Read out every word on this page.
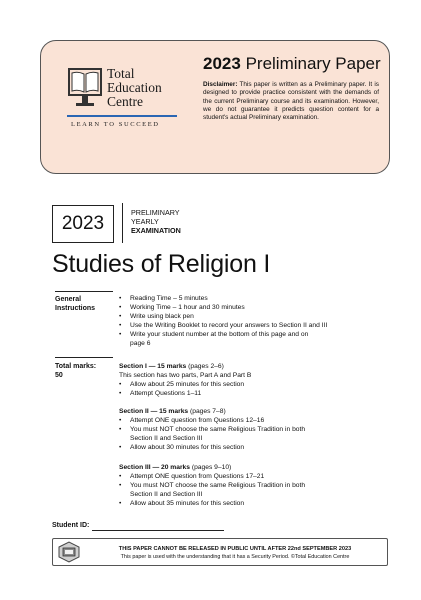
Total
Education
Centre
LEARN TO SUCCEED
2023 Preliminary Paper
Disclaimer: This paper is written as a Preliminary paper. It is designed to provide practice consistent with the demands of the current Preliminary course and its examination. However, we do not guarantee it predicts question content for a student's actual Preliminary examination.
2023
PRELIMINARY
YEARLY
EXAMINATION
Studies of Religion I
General
Instructions
•	Reading Time – 5 minutes
•	Working Time – 1 hour and 30 minutes
•	Write using black pen
•	Use the Writing Booklet to record your answers to Section II and III
•	Write your student number at the bottom of this page and on
page 6
Total marks:
50
Section I — 15 marks (pages 2–6)
This section has two parts, Part A and Part B
•	Allow about 25 minutes for this section
•	Attempt Questions 1–11
Section II — 15 marks (pages 7–8)
•	Attempt ONE question from Questions 12–16
•	You must NOT choose the same Religious Tradition in both
Section II and Section III
•	Allow about 30 minutes for this section
Section III — 20 marks (pages 9–10)
•	Attempt ONE question from Questions 17–21
•	You must NOT choose the same Religious Tradition in both
Section II and Section III
•	Allow about 35 minutes for this section
Student ID:
THIS PAPER CANNOT BE RELEASED IN PUBLIC UNTIL AFTER 22nd SEPTEMBER 2023
This paper is used with the understanding that it has a Security Period. ©Total Education Centre
